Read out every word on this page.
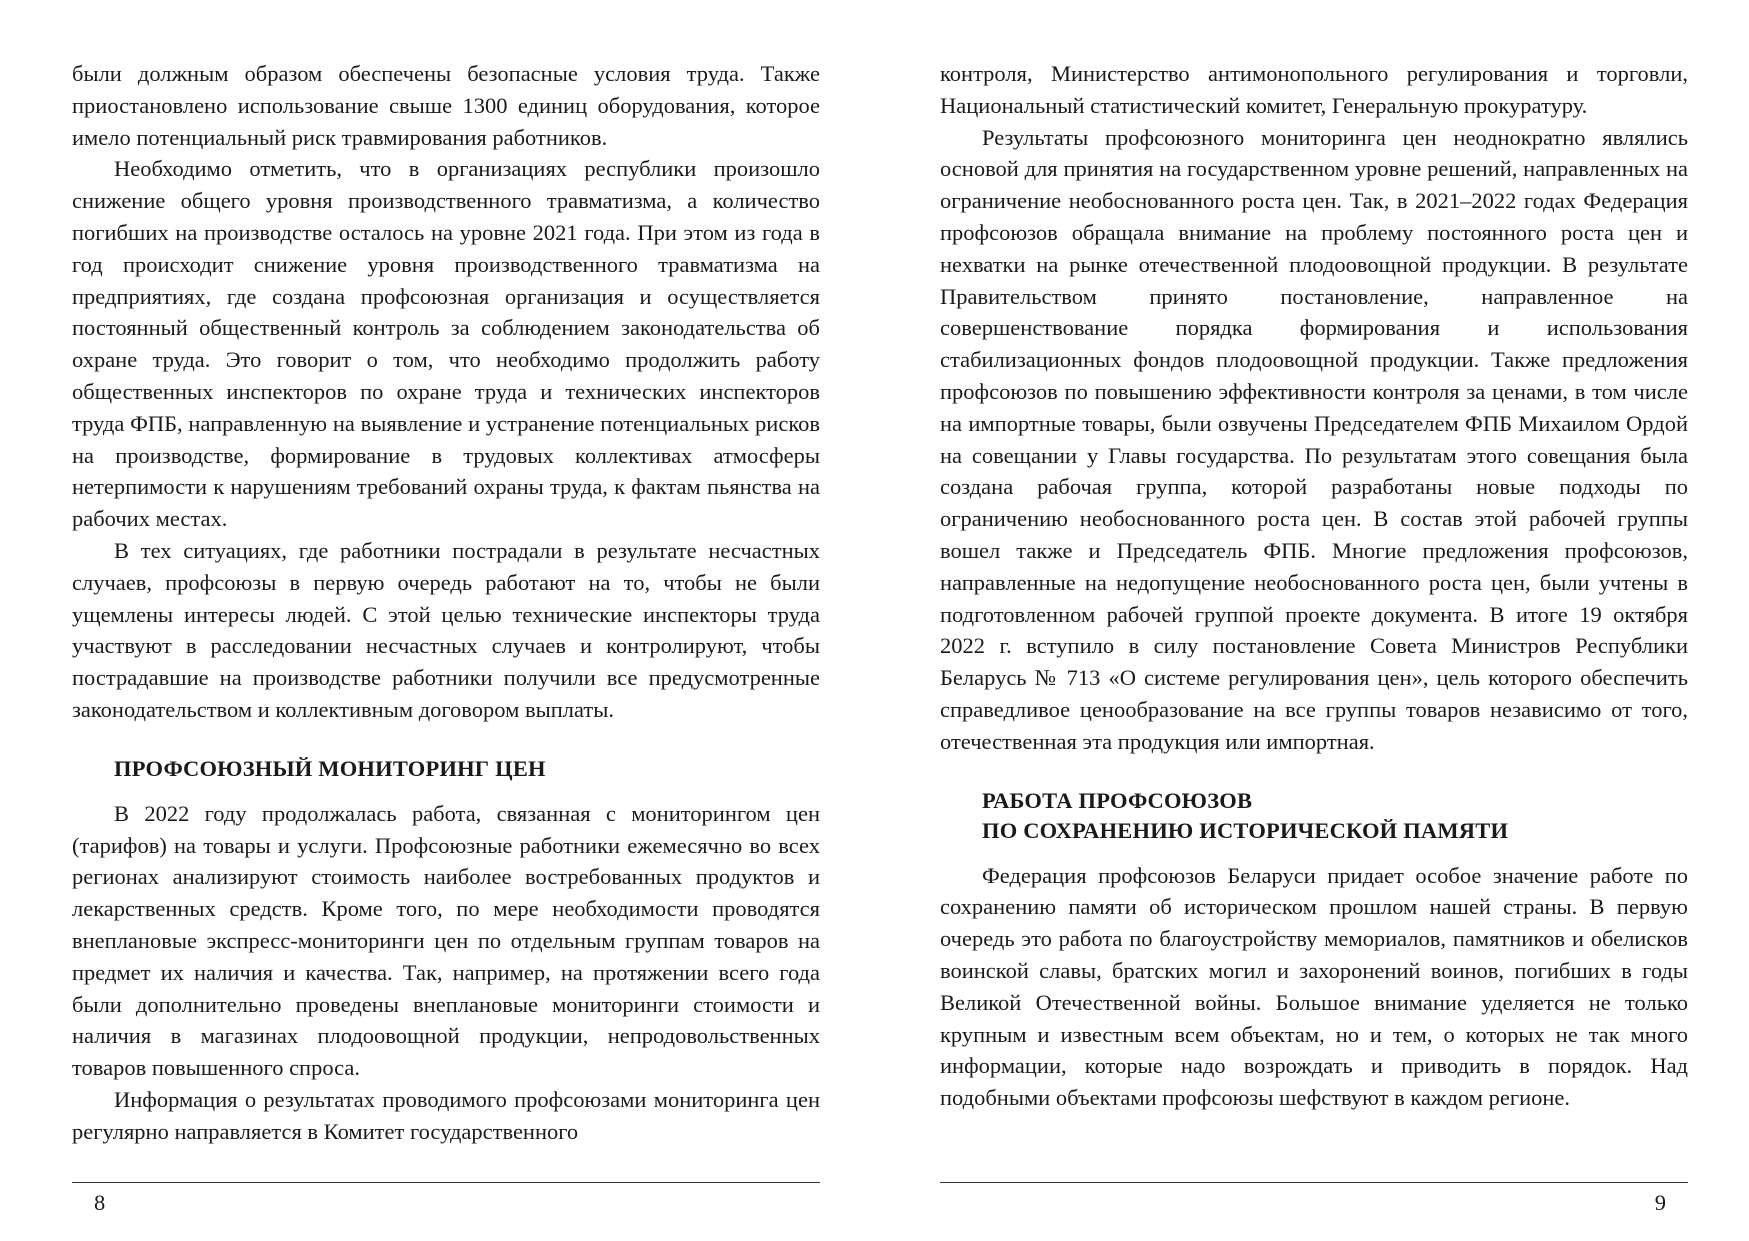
были должным образом обеспечены безопасные условия труда. Также приостановлено использование свыше 1300 единиц оборудования, которое имело потенциальный риск травмирования работников.

Необходимо отметить, что в организациях республики произошло снижение общего уровня производственного травматизма, а количество погибших на производстве осталось на уровне 2021 года. При этом из года в год происходит снижение уровня производственного травматизма на предприятиях, где создана профсоюзная организация и осуществляется постоянный общественный контроль за соблюдением законодательства об охране труда. Это говорит о том, что необходимо продолжить работу общественных инспекторов по охране труда и технических инспекторов труда ФПБ, направленную на выявление и устранение потенциальных рисков на производстве, формирование в трудовых коллективах атмосферы нетерпимости к нарушениям требований охраны труда, к фактам пьянства на рабочих местах.

В тех ситуациях, где работники пострадали в результате несчастных случаев, профсоюзы в первую очередь работают на то, чтобы не были ущемлены интересы людей. С этой целью технические инспекторы труда участвуют в расследовании несчастных случаев и контролируют, чтобы пострадавшие на производстве работники получили все предусмотренные законодательством и коллективным договором выплаты.

ПРОФСОЮЗНЫЙ МОНИТОРИНГ ЦЕН

В 2022 году продолжалась работа, связанная с мониторингом цен (тарифов) на товары и услуги. Профсоюзные работники ежемесячно во всех регионах анализируют стоимость наиболее востребованных продуктов и лекарственных средств. Кроме того, по мере необходимости проводятся внеплановые экспресс-мониторинги цен по отдельным группам товаров на предмет их наличия и качества. Так, например, на протяжении всего года были дополнительно проведены внеплановые мониторинги стоимости и наличия в магазинах плодоовощной продукции, непродовольственных товаров повышенного спроса.

Информация о результатах проводимого профсоюзами мониторинга цен регулярно направляется в Комитет государственного

8

контроля, Министерство антимонопольного регулирования и торговли, Национальный статистический комитет, Генеральную прокуратуру.

Результаты профсоюзного мониторинга цен неоднократно являлись основой для принятия на государственном уровне решений, направленных на ограничение необоснованного роста цен. Так, в 2021–2022 годах Федерация профсоюзов обращала внимание на проблему постоянного роста цен и нехватки на рынке отечественной плодоовощной продукции. В результате Правительством принято постановление, направленное на совершенствование порядка формирования и использования стабилизационных фондов плодоовощной продукции. Также предложения профсоюзов по повышению эффективности контроля за ценами, в том числе на импортные товары, были озвучены Председателем ФПБ Михаилом Ордой на совещании у Главы государства. По результатам этого совещания была создана рабочая группа, которой разработаны новые подходы по ограничению необоснованного роста цен. В состав этой рабочей группы вошел также и Председатель ФПБ. Многие предложения профсоюзов, направленные на недопущение необоснованного роста цен, были учтены в подготовленном рабочей группой проекте документа. В итоге 19 октября 2022 г. вступило в силу постановление Совета Министров Республики Беларусь № 713 «О системе регулирования цен», цель которого обеспечить справедливое ценообразование на все группы товаров независимо от того, отечественная эта продукция или импортная.

РАБОТА ПРОФСОЮЗОВ
ПО СОХРАНЕНИЮ ИСТОРИЧЕСКОЙ ПАМЯТИ

Федерация профсоюзов Беларуси придает особое значение работе по сохранению памяти об историческом прошлом нашей страны. В первую очередь это работа по благоустройству мемориалов, памятников и обелисков воинской славы, братских могил и захоронений воинов, погибших в годы Великой Отечественной войны. Большое внимание уделяется не только крупным и известным всем объектам, но и тем, о которых не так много информации, которые надо возрождать и приводить в порядок. Над подобными объектами профсоюзы шефствуют в каждом регионе.

9
